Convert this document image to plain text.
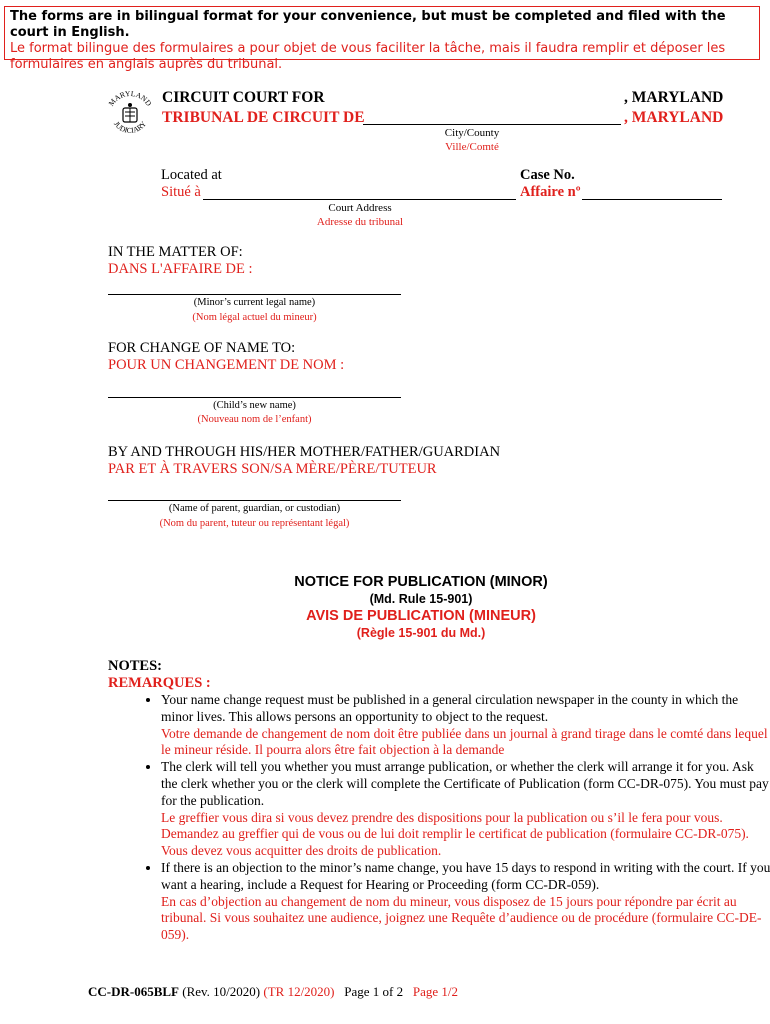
The forms are in bilingual format for your convenience, but must be completed and filed with the court in English.
Le format bilingue des formulaires a pour objet de vous faciliter la tâche, mais il faudra remplir et déposer les formulaires en anglais auprès du tribunal.
MARYLAND
JUDICIARY
CIRCUIT COURT FOR
TRIBUNAL DE CIRCUIT DE
, MARYLAND
, MARYLAND
City/County
Ville/Comté
Located at
Situé à
Court Address
Adresse du tribunal
Case No.
Affaire nº
IN THE MATTER OF:
DANS L'AFFAIRE DE :
(Minor’s current legal name)
(Nom légal actuel du mineur)
FOR CHANGE OF NAME TO:
POUR UN CHANGEMENT DE NOM :
(Child’s new name)
(Nouveau nom de l’enfant)
BY AND THROUGH HIS/HER MOTHER/FATHER/GUARDIAN
PAR ET À TRAVERS SON/SA MÈRE/PÈRE/TUTEUR
(Name of parent, guardian, or custodian)
(Nom du parent, tuteur ou représentant légal)
NOTICE FOR PUBLICATION (MINOR)
(Md. Rule 15-901)
AVIS DE PUBLICATION (MINEUR)
(Règle 15-901 du Md.)
NOTES:
REMARQUES :
• Your name change request must be published in a general circulation newspaper in the county in which the minor lives. This allows persons an opportunity to object to the request.
Votre demande de changement de nom doit être publiée dans un journal à grand tirage dans le comté dans lequel le mineur réside. Il pourra alors être fait objection à la demande
• The clerk will tell you whether you must arrange publication, or whether the clerk will arrange it for you. Ask the clerk whether you or the clerk will complete the Certificate of Publication (form CC-DR-075). You must pay for the publication.
Le greffier vous dira si vous devez prendre des dispositions pour la publication ou s’il le fera pour vous. Demandez au greffier qui de vous ou de lui doit remplir le certificat de publication (formulaire CC-DR-075). Vous devez vous acquitter des droits de publication.
• If there is an objection to the minor’s name change, you have 15 days to respond in writing with the court. If you want a hearing, include a Request for Hearing or Proceeding (form CC-DR-059).
En cas d’objection au changement de nom du mineur, vous disposez de 15 jours pour répondre par écrit au tribunal. Si vous souhaitez une audience, joignez une Requête d’audience ou de procédure (formulaire CC-DE-059).
CC-DR-065BLF (Rev. 10/2020) (TR 12/2020) Page 1 of 2 Page 1/2
